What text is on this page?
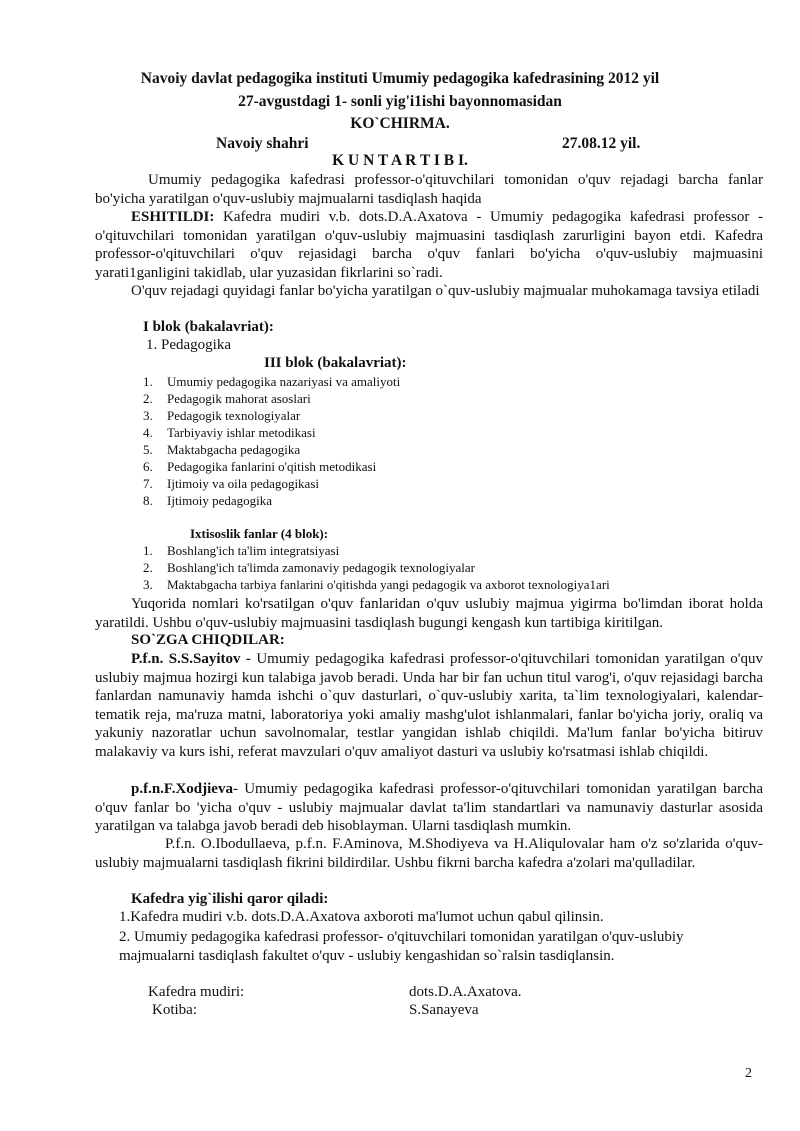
Navoiy davlat pedagogika instituti Umumiy pedagogika kafedrasining 2012 yil
27-avgustdagi 1- sonli yig'i1ishi bayonnomasidan
KO`CHIRMA.
Navoiy shahri	27.08.12 yil.
K U N T A R T I B I.

Umumiy pedagogika kafedrasi professor-o'qituvchilari tomonidan o'quv rejadagi barcha fanlar bo'yicha yaratilgan o'quv-uslubiy majmualarni tasdiqlash haqida

ESHITILDI: Kafedra mudiri v.b. dots.D.A.Axatova - Umumiy pedagogika kafedrasi professor - o'qituvchilari tomonidan yaratilgan o'quv-uslubiy majmuasini tasdiqlash zarurligini bayon etdi. Kafedra professor-o'qituvchilari o'quv rejasidagi barcha o'quv fanlari bo'yicha o'quv-uslubiy majmuasini yarati1ganligini takidlab, ular yuzasidan fikrlarini so`radi.

O'quv rejadagi quyidagi fanlar bo'yicha yaratilgan o`quv-uslubiy majmualar muhokamaga tavsiya etiladi

I blok (bakalavriat):
1. Pedagogika
III blok (bakalavriat):
1. Umumiy pedagogika nazariyasi va amaliyoti
2. Pedagogik mahorat asoslari
3. Pedagogik texnologiyalar
4. Tarbiyaviy ishlar metodikasi
5. Maktabgacha pedagogika
6. Pedagogika fanlarini o'qitish metodikasi
7. Ijtimoiy va oila pedagogikasi
8. Ijtimoiy pedagogika
Ixtisoslik fanlar (4 blok):
1. Boshlang'ich ta'lim integratsiyasi
2. Boshlang'ich ta'limda zamonaviy pedagogik texnologiyalar
3. Maktabgacha tarbiya fanlarini o'qitishda yangi pedagogik va axborot texnologiya1ari

Yuqorida nomlari ko'rsatilgan o'quv fanlaridan o'quv uslubiy majmua yigirma bo'limdan iborat holda yaratildi. Ushbu o'quv-uslubiy majmuasini tasdiqlash bugungi kengash kun tartibiga kiritilgan.

SO`ZGA CHIQDILAR:

P.f.n. S.S.Sayitov - Umumiy pedagogika kafedrasi professor-o'qituvchilari tomonidan yaratilgan o'quv uslubiy majmua hozirgi kun talabiga javob beradi. Unda har bir fan uchun titul varog'i, o'quv rejasidagi barcha fanlardan namunaviy hamda ishchi o`quv dasturlari, o`quv-uslubiy xarita, ta`lim texnologiyalari, kalendar-tematik reja, ma'ruza matni, laboratoriya yoki amaliy mashg'ulot ishlanmalari, fanlar bo'yicha joriy, oraliq va yakuniy nazoratlar uchun savolnomalar, testlar yangidan ishlab chiqildi. Ma'lum fanlar bo'yicha bitiruv malakaviy va kurs ishi, referat mavzulari o'quv amaliyot dasturi va uslubiy ko'rsatmasi ishlab chiqildi.

p.f.n.F.Xodjieva- Umumiy pedagogika kafedrasi professor-o'qituvchilari tomonidan yaratilgan barcha o'quv fanlar bo 'yicha o'quv - uslubiy majmualar davlat ta'lim standartlari va namunaviy dasturlar asosida yaratilgan va talabga javob beradi deb hisoblayman. Ularni tasdiqlash mumkin.

P.f.n. O.Ibodullaeva, p.f.n. F.Aminova, M.Shodiyeva va H.Aliqulovalar ham o'z so'zlarida o'quv-uslubiy majmualarni tasdiqlash fikrini bildirdilar. Ushbu fikrni barcha kafedra a'zolari ma'qulladilar.

Kafedra yig`ilishi qaror qiladi:
1.Kafedra mudiri v.b. dots.D.A.Axatova axboroti ma'lumot uchun qabul qilinsin.

2. Umumiy pedagogika kafedrasi professor- o'qituvchilari tomonidan yaratilgan o'quv-uslubiy majmualarni tasdiqlash fakultet o'quv - uslubiy kengashidan so`ralsin tasdiqlansin.

Kafedra mudiri:	dots.D.A.Axatova.
Kotiba:	S.Sanayeva
2
